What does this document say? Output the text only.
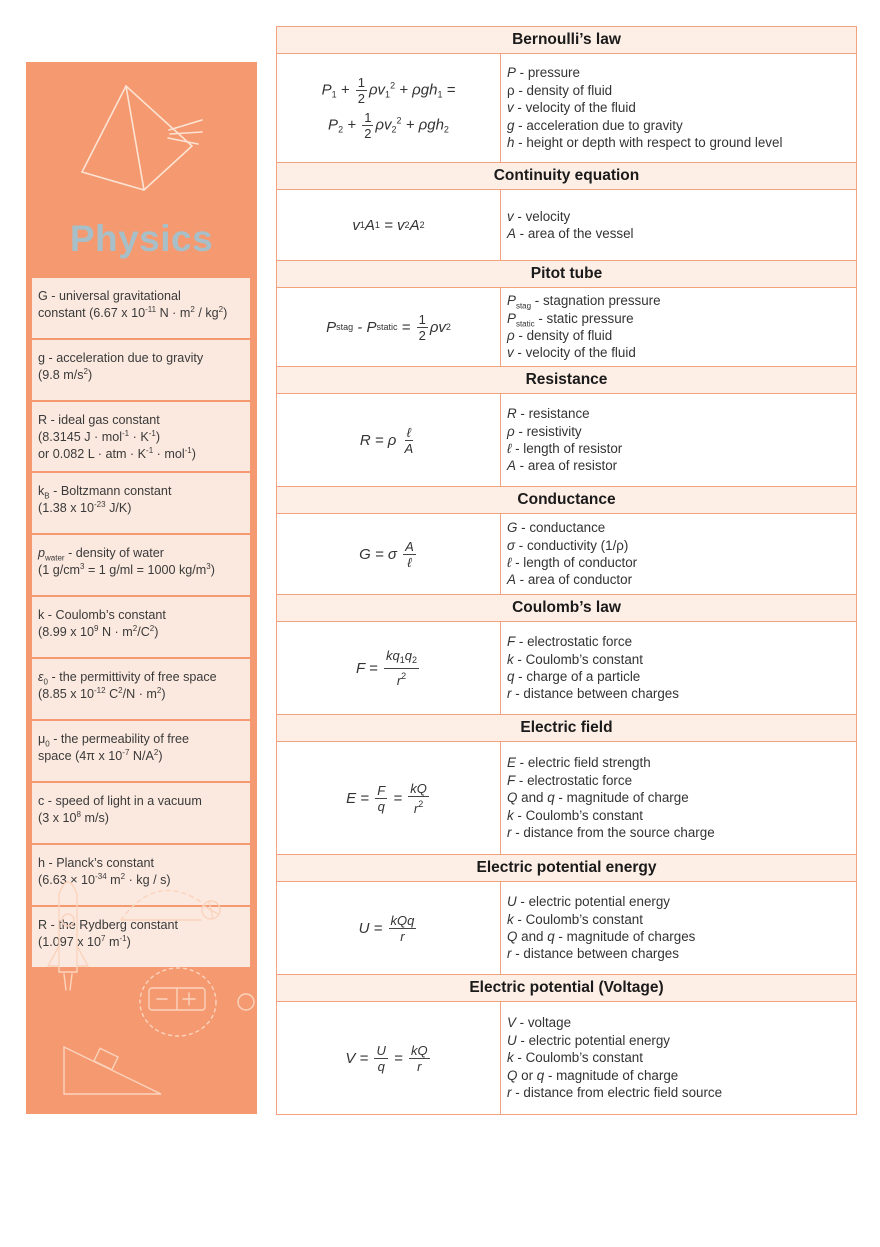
Physics
G - universal gravitational
constant (6.67 x $10^{-11}$ $N \cdot m^2 / kg^2$)
g - acceleration due to gravity
(9.8 $m/s^2$)
R - ideal gas constant
(8.3145 $J \cdot mol^{-1} \cdot K^{-1}$)
or 0.082 L · atm · $K^{-1} \cdot mol^{-1}$)
$k_B$ - Boltzmann constant
(1.38 x $10^{-23}$ J/K)
$p_{water}$ - density of water
(1 $g/cm^3 = 1$ g/ml = 1000 $kg/m^3$)
k - Coulomb’s constant
(8.99 x $10^9$ $N \cdot m^2/C^2$)
$\varepsilon_0$ - the permittivity of free space
(8.85 x $10^{-12}$ $C^2/N \cdot m^2$)
$\mu_0$ - the permeability of free
space (4π x $10^{-7}$ $N/A^2$)
c - speed of light in a vacuum
(3 x $10^8$ m/s)
h - Planck’s constant
($6.63 \times 10^{-34}$ $m^2$ · kg / s)
R - the Rydberg constant
(1.097 x $10^7$ $m^{-1}$)
Bernoulli’s law
$P_1 + \frac{1}{2} \rho v_1^2 + \rho gh_1$ =
$P_2 + \frac{1}{2} \rho v_2^2 + \rho gh_2$
P - pressure
ρ - density of fluid
v - velocity of the fluid
g - acceleration due to gravity
h - height or depth with respect to ground level
Continuity equation
v 1 A 1 = v 2 A 2
v - velocity
A - area of the vessel
Pitot tube
P stag - P static = $\frac{1}{2}$ ρv 2
$P_{stag}$ - stagnation pressure
$P_{static}$ - static pressure
ρ - density of fluid
v - velocity of the fluid
Resistance
R = ρ $\frac{\text{ℓ}}{A}$
R - resistance
ρ - resistivity
ℓ - length of resistor
A - area of resistor
Conductance
G = σ $\frac{A}{\text{ℓ}}$
G - conductance
σ - conductivity (1/ρ)
ℓ - length of conductor
A - area of conductor
Coulomb’s law
$F = \frac{kq_1q_2}{r^2}$
F - electrostatic force
k - Coulomb’s constant
q - charge of a particle
r - distance between charges
Electric field
$E = \frac{F}{q} = \frac{kQ}{r^2}$
E - electric field strength
F - electrostatic force
Q and q - magnitude of charge
k - Coulomb’s constant
r - distance from the source charge
Electric potential energy
$U = \frac{\text{kQq}}{r}$
U - electric potential energy
k - Coulomb’s constant
Q and q - magnitude of charges
r - distance between charges
Electric potential (Voltage)
$V = \frac{U}{q} = \frac{kQ}{r}$
V - voltage
U - electric potential energy
k - Coulomb’s constant
Q or q - magnitude of charge
r - distance from electric field source
